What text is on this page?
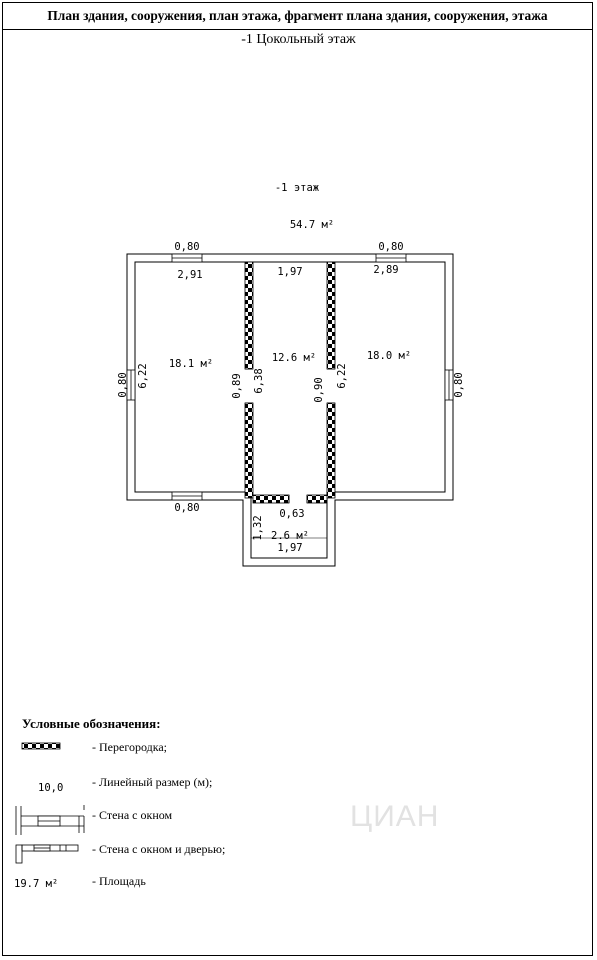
План здания, сооружения, план этажа, фрагмент плана здания, сооружения, этажа
-1 Цокольный этаж
-1 этаж
54.7 м²
18.1 м²	12.6 м²	18.0 м²
2.6 м²
0,80	0,80
0,80
2,91	1,97	2,89
0,63
1,97
0,80 6,22	0,89 6,38	0,90
6,22	0,80
1,32
Условные обозначения:
- Перегородка;
10,0 - Линейный размер (м);
- Стена с окном
- Стена с окном и дверью;
19.7 м²	- Площадь
ЦИАН
